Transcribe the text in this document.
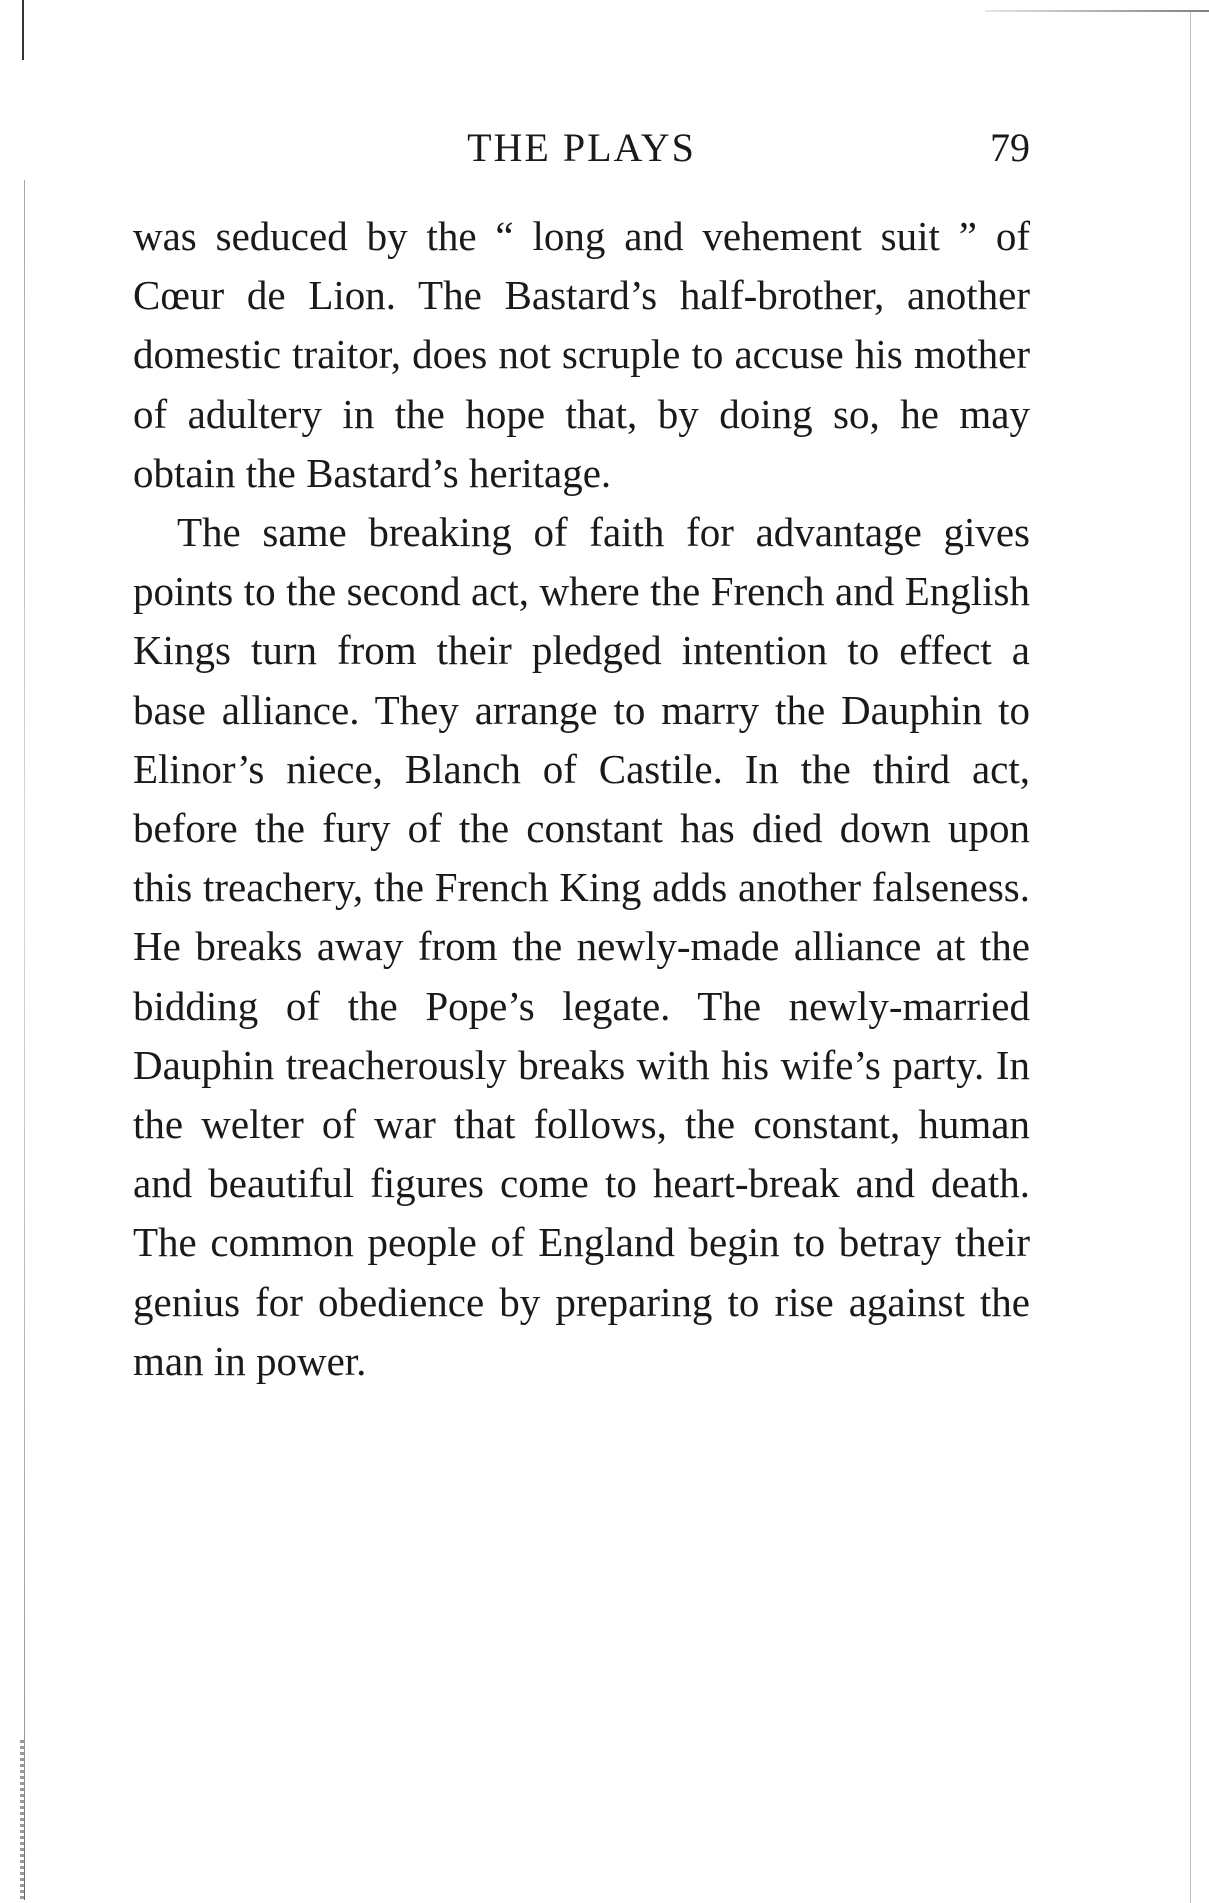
THE PLAYS	79

was seduced by the “ long and vehement suit ” of Cœur de Lion. The Bastard’s half-brother, another domestic traitor, does not scruple to accuse his mother of adultery in the hope that, by doing so, he may obtain the Bastard’s heritage.

The same breaking of faith for advantage gives points to the second act, where the French and English Kings turn from their pledged intention to effect a base alliance. They arrange to marry the Dauphin to Elinor’s niece, Blanch of Castile. In the third act, before the fury of the constant has died down upon this treachery, the French King adds another falseness. He breaks away from the newly-made alliance at the bidding of the Pope’s legate. The newly-married Dauphin treacherously breaks with his wife’s party. In the welter of war that follows, the constant, human and beautiful figures come to heart-break and death. The common people of England begin to betray their genius for obedience by preparing to rise against the man in power.
